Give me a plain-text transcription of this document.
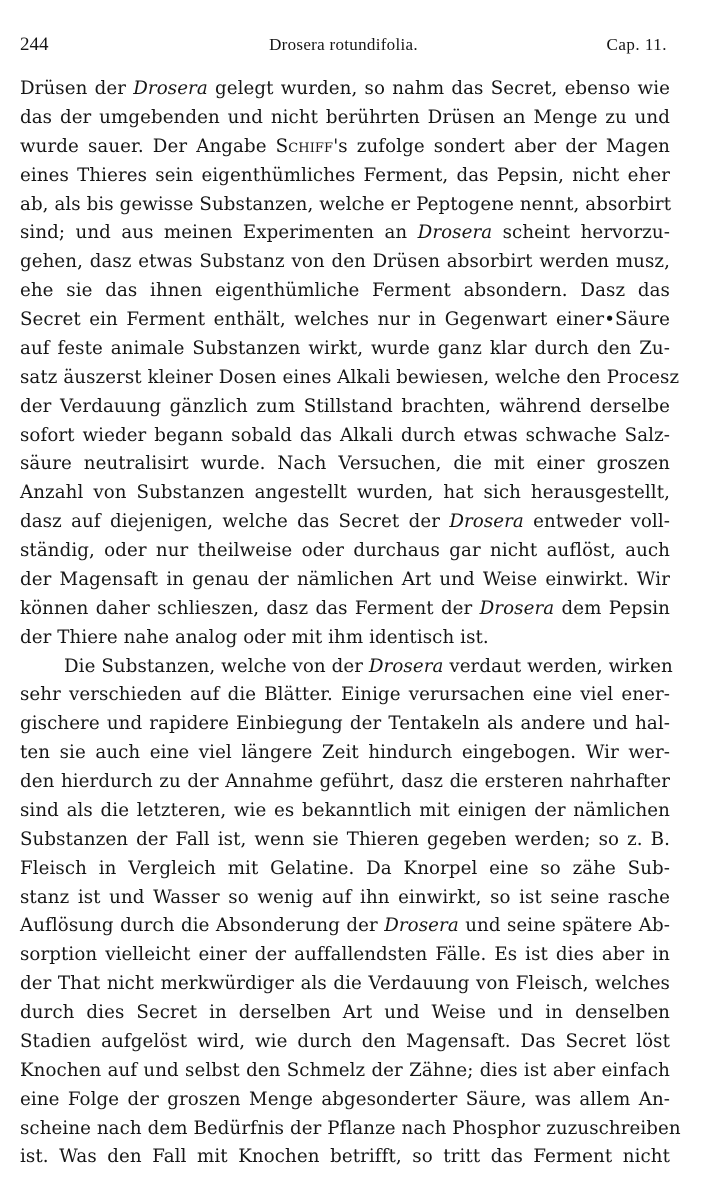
244	Drosera rotundifolia.	Cap. 11.
Drüsen der Drosera gelegt wurden, so nahm das Secret, ebenso wie
das der umgebenden und nicht berührten Drüsen an Menge zu und
wurde sauer. Der Angabe Schiff's zufolge sondert aber der Magen
eines Thieres sein eigenthümliches Ferment, das Pepsin, nicht eher
ab, als bis gewisse Substanzen, welche er Peptogene nennt, absorbirt
sind; und aus meinen Experimenten an Drosera scheint hervorzu-
gehen, dasz etwas Substanz von den Drüsen absorbirt werden musz,
ehe sie das ihnen eigenthümliche Ferment absondern. Dasz das
Secret ein Ferment enthält, welches nur in Gegenwart einer•Säure
auf feste animale Substanzen wirkt, wurde ganz klar durch den Zu-
satz äuszerst kleiner Dosen eines Alkali bewiesen, welche den Procesz
der Verdauung gänzlich zum Stillstand brachten, während derselbe
sofort wieder begann sobald das Alkali durch etwas schwache Salz-
säure neutralisirt wurde. Nach Versuchen, die mit einer groszen
Anzahl von Substanzen angestellt wurden, hat sich herausgestellt,
dasz auf diejenigen, welche das Secret der Drosera entweder voll-
ständig, oder nur theilweise oder durchaus gar nicht auflöst, auch
der Magensaft in genau der nämlichen Art und Weise einwirkt. Wir
können daher schlieszen, dasz das Ferment der Drosera dem Pepsin
der Thiere nahe analog oder mit ihm identisch ist.
Die Substanzen, welche von der Drosera verdaut werden, wirken
sehr verschieden auf die Blätter. Einige verursachen eine viel ener-
gischere und rapidere Einbiegung der Tentakeln als andere und hal-
ten sie auch eine viel längere Zeit hindurch eingebogen. Wir wer-
den hierdurch zu der Annahme geführt, dasz die ersteren nahrhafter
sind als die letzteren, wie es bekanntlich mit einigen der nämlichen
Substanzen der Fall ist, wenn sie Thieren gegeben werden; so z. B.
Fleisch in Vergleich mit Gelatine. Da Knorpel eine so zähe Sub-
stanz ist und Wasser so wenig auf ihn einwirkt, so ist seine rasche
Auflösung durch die Absonderung der Drosera und seine spätere Ab-
sorption vielleicht einer der auffallendsten Fälle. Es ist dies aber in
der That nicht merkwürdiger als die Verdauung von Fleisch, welches
durch dies Secret in derselben Art und Weise und in denselben
Stadien aufgelöst wird, wie durch den Magensaft. Das Secret löst
Knochen auf und selbst den Schmelz der Zähne; dies ist aber einfach
eine Folge der groszen Menge abgesonderter Säure, was allem An-
scheine nach dem Bedürfnis der Pflanze nach Phosphor zuzuschreiben
ist. Was den Fall mit Knochen betrifft, so tritt das Ferment nicht
